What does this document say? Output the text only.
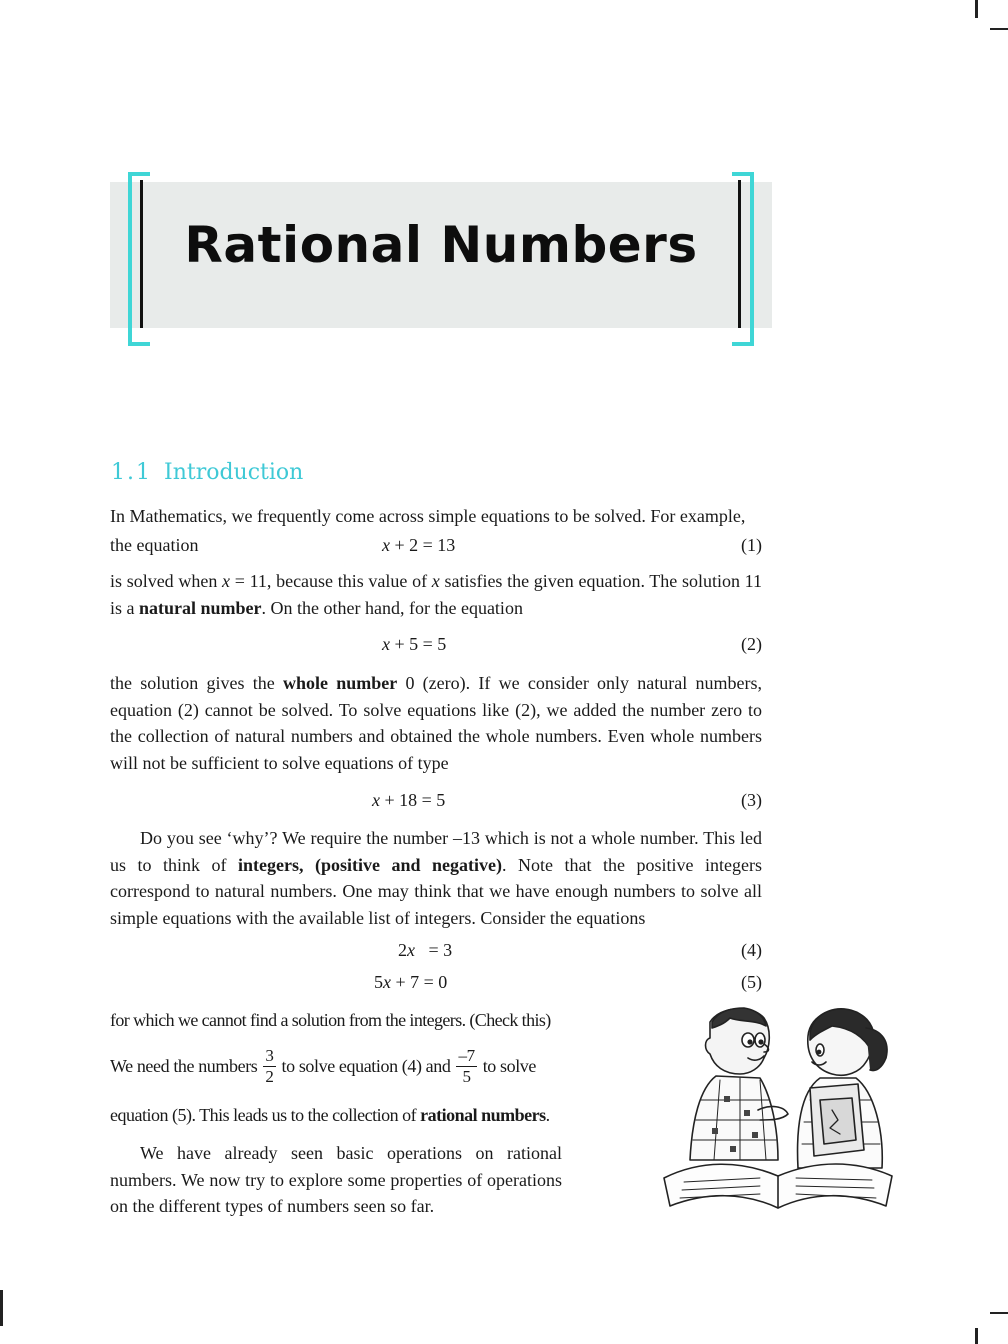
Rational Numbers
1.1 Introduction
In Mathematics, we frequently come across simple equations to be solved. For example,
the equation	x + 2 = 13	(1)
is solved when x = 11, because this value of x satisfies the given equation. The solution 11 is a natural number. On the other hand, for the equation
x + 5 = 5	(2)
the solution gives the whole number 0 (zero). If we consider only natural numbers, equation (2) cannot be solved. To solve equations like (2), we added the number zero to the collection of natural numbers and obtained the whole numbers. Even whole numbers will not be sufficient to solve equations of type
x + 18 = 5	(3)
Do you see ‘why’? We require the number –13 which is not a whole number. This led us to think of integers, (positive and negative). Note that the positive integers correspond to natural numbers. One may think that we have enough numbers to solve all simple equations with the available list of integers. Consider the equations
2x   = 3	(4)
5x + 7 = 0	(5)
for which we cannot find a solution from the integers. (Check this)
We need the numbers $\frac{3}{2}$ to solve equation (4) and $\frac{-7}{5}$ to solve
equation (5). This leads us to the collection of rational numbers.
We have already seen basic operations on rational numbers. We now try to explore some properties of operations on the different types of numbers seen so far.
